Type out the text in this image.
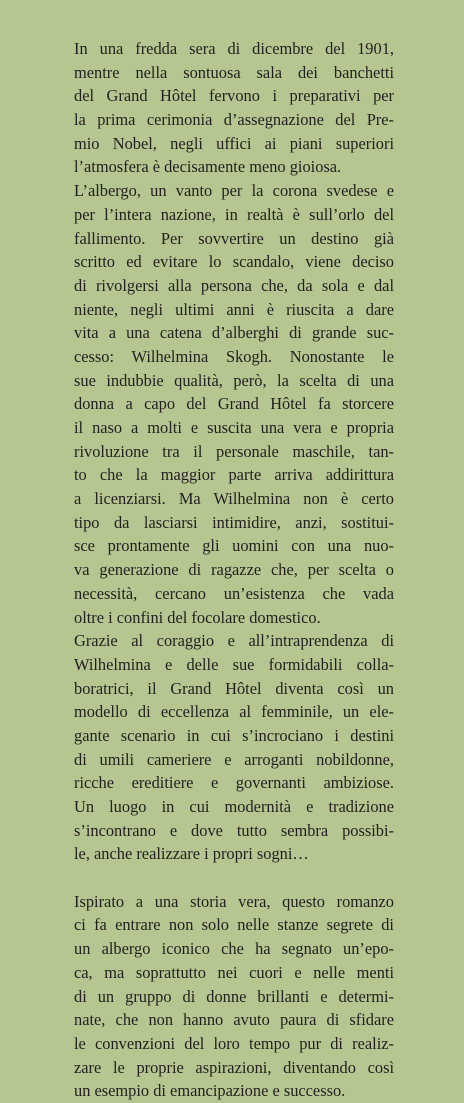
In una fredda sera di dicembre del 1901,
mentre nella sontuosa sala dei banchetti
del Grand Hôtel fervono i preparativi per
la prima cerimonia d’assegnazione del Pre-
mio Nobel, negli uffici ai piani superiori
l’atmosfera è decisamente meno gioiosa.
L’albergo, un vanto per la corona svedese e
per l’intera nazione, in realtà è sull’orlo del
fallimento. Per sovvertire un destino già
scritto ed evitare lo scandalo, viene deciso
di rivolgersi alla persona che, da sola e dal
niente, negli ultimi anni è riuscita a dare
vita a una catena d’alberghi di grande suc-
cesso: Wilhelmina Skogh. Nonostante le
sue indubbie qualità, però, la scelta di una
donna a capo del Grand Hôtel fa storcere
il naso a molti e suscita una vera e propria
rivoluzione tra il personale maschile, tan-
to che la maggior parte arriva addirittura
a licenziarsi. Ma Wilhelmina non è certo
tipo da lasciarsi intimidire, anzi, sostitui-
sce prontamente gli uomini con una nuo-
va generazione di ragazze che, per scelta o
necessità, cercano un’esistenza che vada
oltre i confini del focolare domestico.
Grazie al coraggio e all’intraprendenza di
Wilhelmina e delle sue formidabili colla-
boratrici, il Grand Hôtel diventa così un
modello di eccellenza al femminile, un ele-
gante scenario in cui s’incrociano i destini
di umili cameriere e arroganti nobildonne,
ricche ereditiere e governanti ambiziose.
Un luogo in cui modernità e tradizione
s’incontrano e dove tutto sembra possibi-
le, anche realizzare i propri sogni…
Ispirato a una storia vera, questo romanzo
ci fa entrare non solo nelle stanze segrete di
un albergo iconico che ha segnato un’epo-
ca, ma soprattutto nei cuori e nelle menti
di un gruppo di donne brillanti e determi-
nate, che non hanno avuto paura di sfidare
le convenzioni del loro tempo pur di realiz-
zare le proprie aspirazioni, diventando così
un esempio di emancipazione e successo.
